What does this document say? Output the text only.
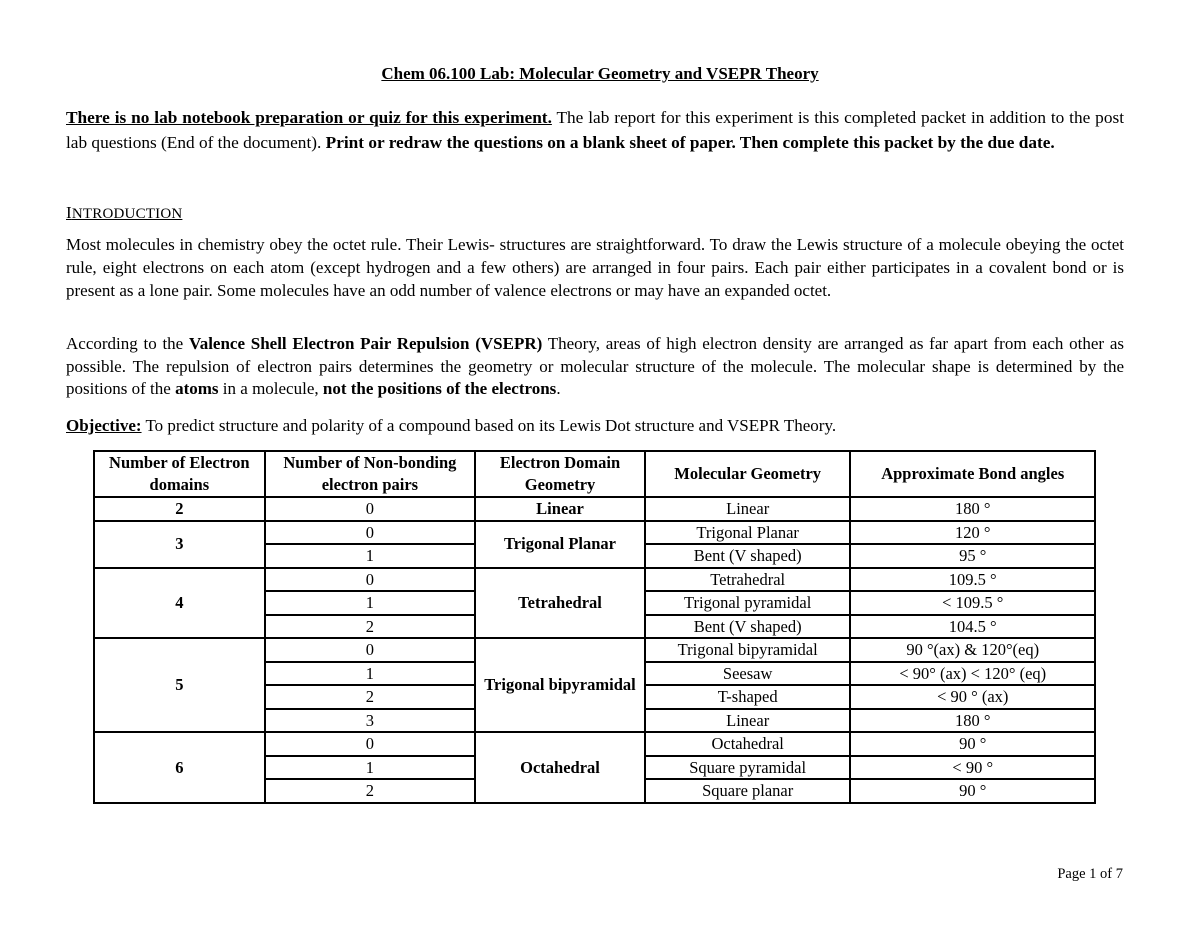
Chem 06.100 Lab: Molecular Geometry and VSEPR Theory

There is no lab notebook preparation or quiz for this experiment. The lab report for this experiment is this completed packet in addition to the post lab questions (End of the document). Print or redraw the questions on a blank sheet of paper. Then complete this packet by the due date.

INTRODUCTION

Most molecules in chemistry obey the octet rule. Their Lewis- structures are straightforward. To draw the Lewis structure of a molecule obeying the octet rule, eight electrons on each atom (except hydrogen and a few others) are arranged in four pairs. Each pair either participates in a covalent bond or is present as a lone pair. Some molecules have an odd number of valence electrons or may have an expanded octet.

According to the Valence Shell Electron Pair Repulsion (VSEPR) Theory, areas of high electron density are arranged as far apart from each other as possible. The repulsion of electron pairs determines the geometry or molecular structure of the molecule. The molecular shape is determined by the positions of the atoms in a molecule, not the positions of the electrons.

Objective: To predict structure and polarity of a compound based on its Lewis Dot structure and VSEPR Theory.

Number of Electron domains	Number of Non-bonding electron pairs	Electron Domain Geometry	Molecular Geometry	Approximate Bond angles
2	0	Linear	Linear	180 °
3	0	Trigonal Planar	Trigonal Planar	120 °
	1		Bent (V shaped)	95 °
4	0	Tetrahedral	Tetrahedral	109.5 °
	1		Trigonal pyramidal	< 109.5 °
	2		Bent (V shaped)	104.5 °
5	0	Trigonal bipyramidal	Trigonal bipyramidal	90 °(ax) & 120°(eq)
	1		Seesaw	< 90° (ax) < 120° (eq)
	2		T-shaped	< 90 ° (ax)
	3		Linear	180 °
6	0	Octahedral	Octahedral	90 °
	1		Square pyramidal	< 90 °
	2		Square planar	90 °

Page 1 of 7
